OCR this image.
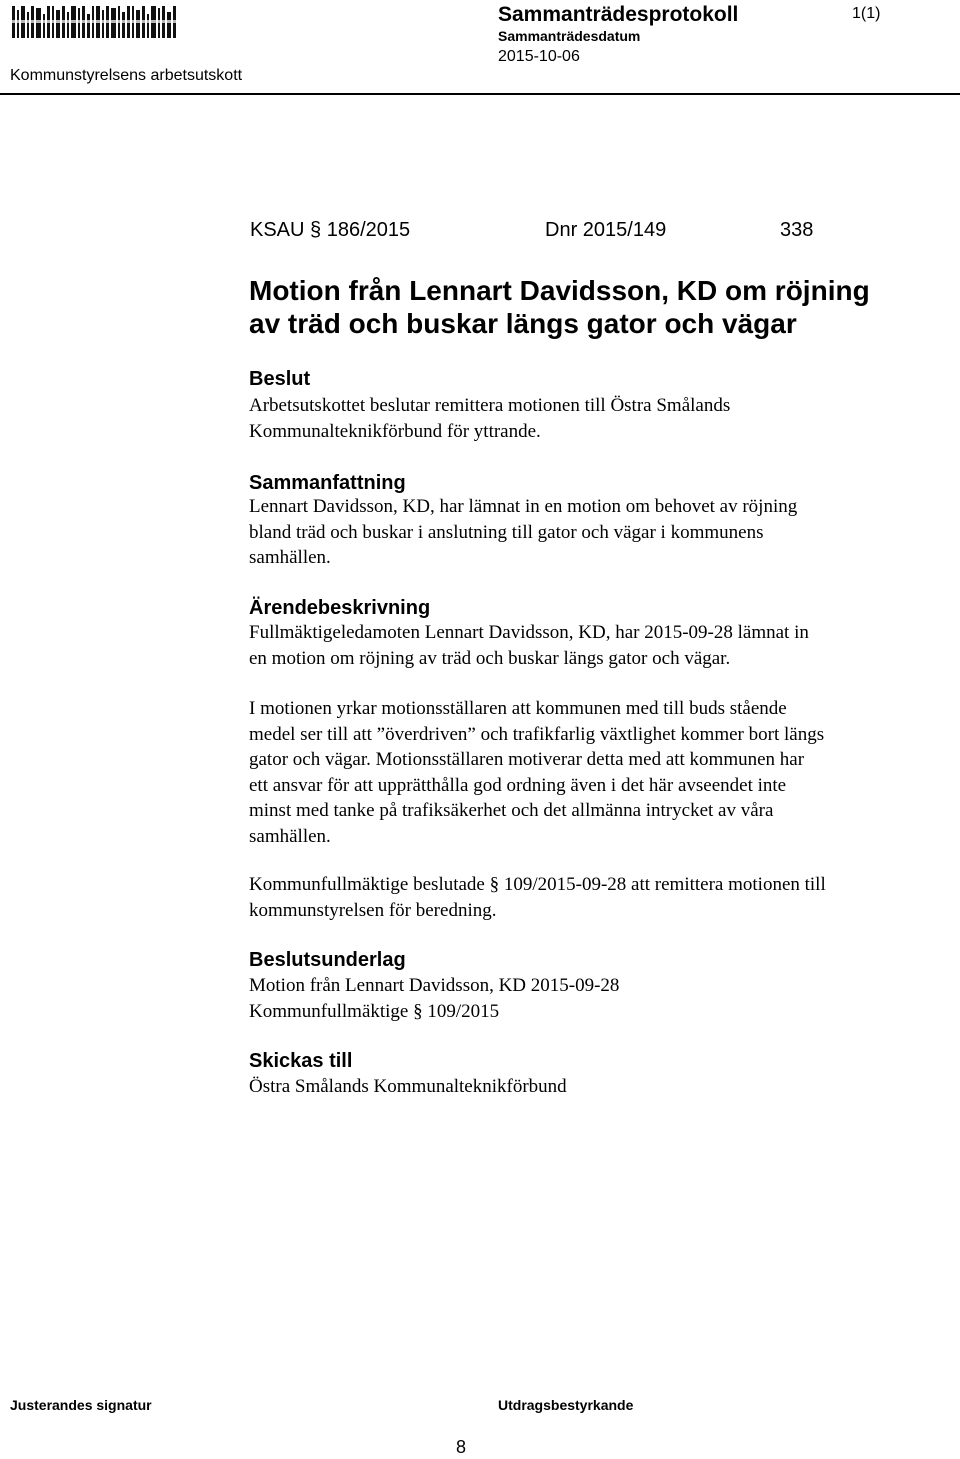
Sammanträdesprotokoll	1(1)
Sammanträdesdatum
2015-10-06
Kommunstyrelsens arbetsutskott
KSAU § 186/2015	Dnr 2015/149	338
Motion från Lennart Davidsson, KD om röjning
av träd och buskar längs gator och vägar
Beslut

Arbetsutskottet beslutar remittera motionen till Östra Smålands
Kommunalteknikförbund för yttrande.

Sammanfattning

Lennart Davidsson, KD, har lämnat in en motion om behovet av röjning
bland träd och buskar i anslutning till gator och vägar i kommunens
samhällen.

Ärendebeskrivning

Fullmäktigeledamoten Lennart Davidsson, KD, har 2015-09-28 lämnat in
en motion om röjning av träd och buskar längs gator och vägar.

I motionen yrkar motionsställaren att kommunen med till buds stående
medel ser till att ”överdriven” och trafikfarlig växtlighet kommer bort längs
gator och vägar. Motionsställaren motiverar detta med att kommunen har
ett ansvar för att upprätthålla god ordning även i det här avseendet inte
minst med tanke på trafiksäkerhet och det allmänna intrycket av våra
samhällen.

Kommunfullmäktige beslutade § 109/2015-09-28 att remittera motionen till
kommunstyrelsen för beredning.

Beslutsunderlag

Motion från Lennart Davidsson, KD 2015-09-28
Kommunfullmäktige § 109/2015

Skickas till

Östra Smålands Kommunalteknikförbund

Justerandes signatur	Utdragsbestyrkande
8
